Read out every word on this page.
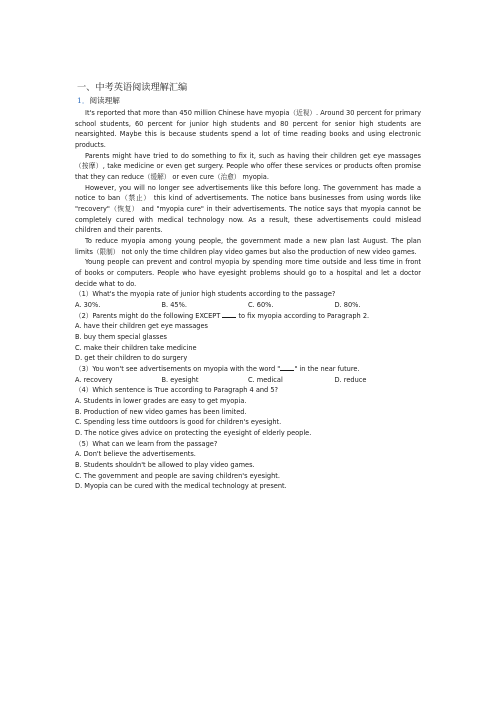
一、中考英语阅读理解汇编
1．阅读理解

It's reported that more than 450 million Chinese have myopia（近视）. Around 30 percent for primary school students, 60 percent for junior high students and 80 percent for senior high students are nearsighted. Maybe this is because students spend a lot of time reading books and using electronic products.

Parents might have tried to do something to fix it, such as having their children get eye massages（按摩）, take medicine or even get surgery. People who offer these services or products often promise that they can reduce（缓解） or even cure（治愈） myopia.

However, you will no longer see advertisements like this before long. The government has made a notice to ban（禁止） this kind of advertisements. The notice bans businesses from using words like "recovery"（恢复） and "myopia cure" in their advertisements. The notice says that myopia cannot be completely cured with medical technology now. As a result, these advertisements could mislead children and their parents.

To reduce myopia among young people, the government made a new plan last August. The plan limits（限制） not only the time children play video games but also the production of new video games.

Young people can prevent and control myopia by spending more time outside and less time in front of books or computers. People who have eyesight problems should go to a hospital and let a doctor decide what to do.

（1）What's the myopia rate of junior high students according to the passage?

A. 30%.	B. 45%.	C. 60%.	D. 80%.

（2）Parents might do the following EXCEPT  to fix myopia according to Paragraph 2.

A. have their children get eye massages

B. buy them special glasses

C. make their children take medicine

D. get their children to do surgery

（3）You won't see advertisements on myopia with the word " " in the near future.

A. recovery	B. eyesight	C. medical	D. reduce

（4）Which sentence is True according to Paragraph 4 and 5?

A. Students in lower grades are easy to get myopia.

B. Production of new video games has been limited.

C. Spending less time outdoors is good for children's eyesight.

D. The notice gives advice on protecting the eyesight of elderly people.

（5）What can we learn from the passage?

A. Don't believe the advertisements.

B. Students shouldn't be allowed to play video games.

C. The government and people are saving children's eyesight.

D. Myopia can be cured with the medical technology at present.
